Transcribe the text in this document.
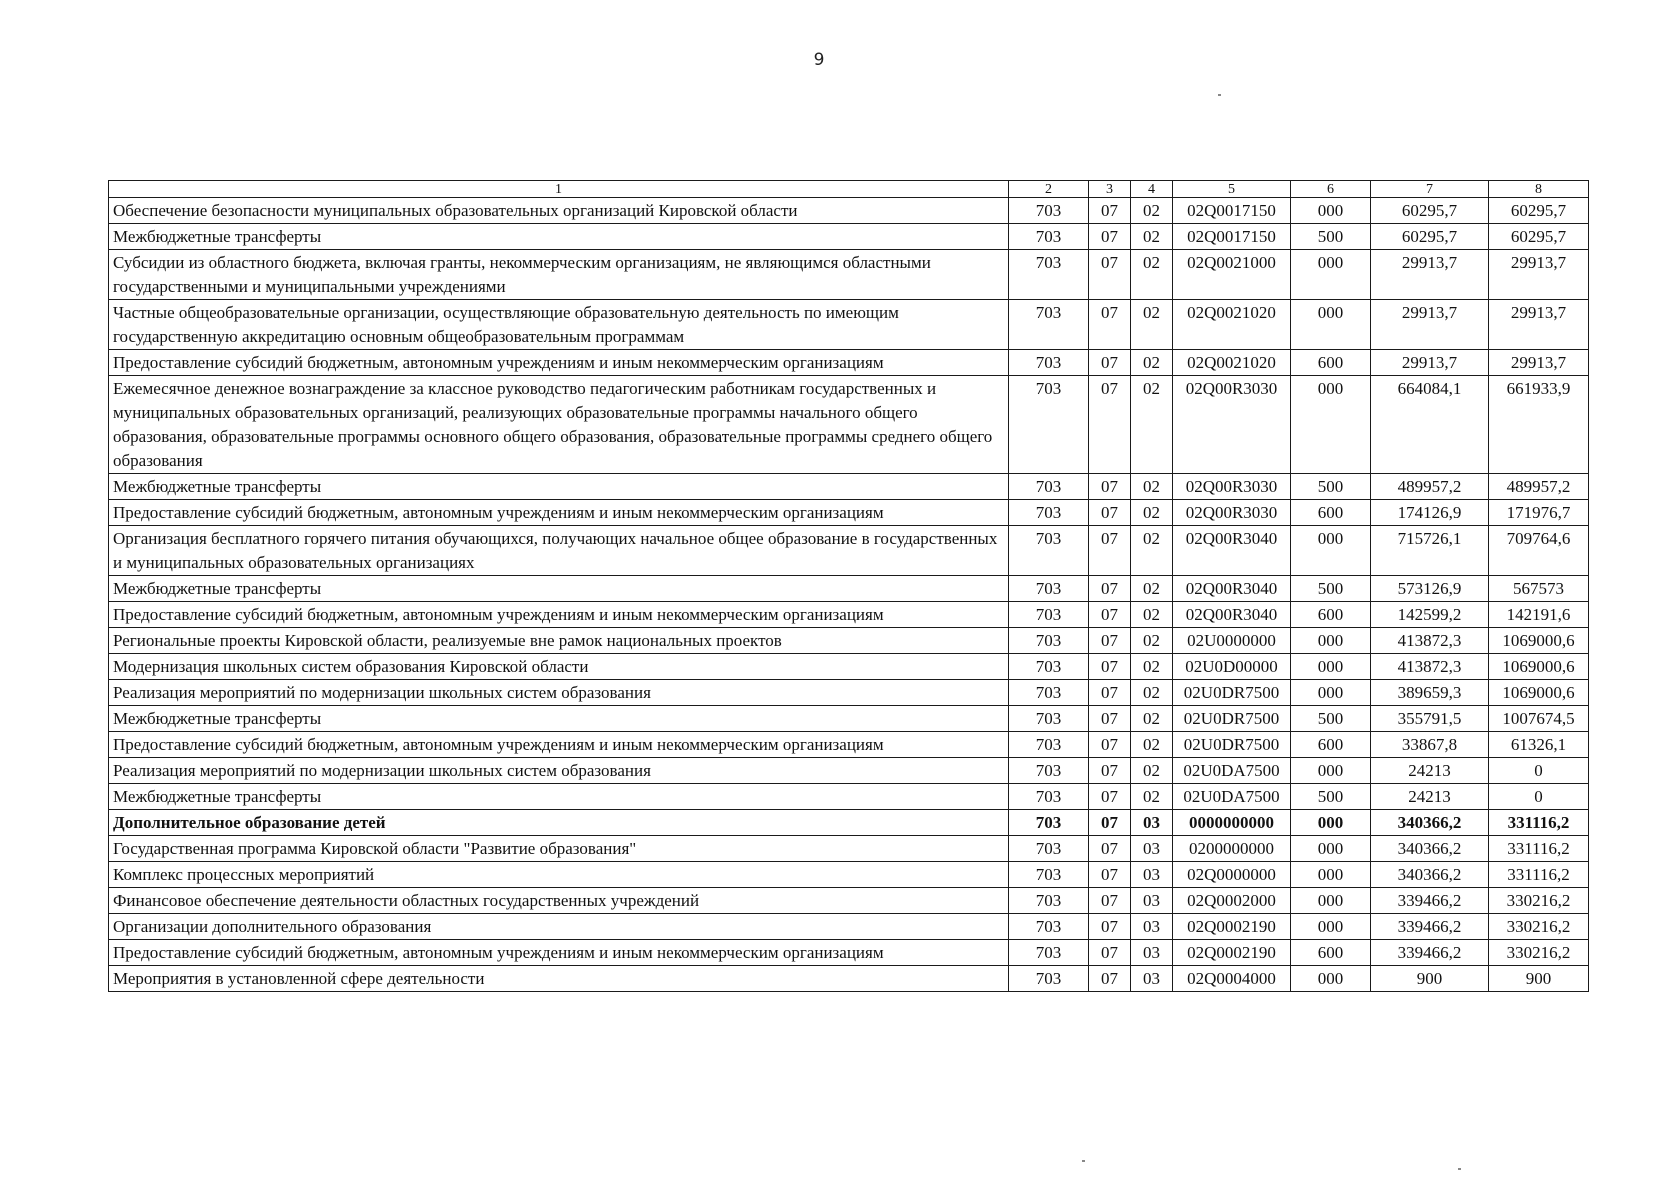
9
1	2	3	4	5	6	7	8
Обеспечение безопасности муниципальных образовательных организаций Кировской области	703	07	02	02Q0017150	000	60295,7	60295,7
Межбюджетные трансферты	703	07	02	02Q0017150	500	60295,7	60295,7
Субсидии из областного бюджета, включая гранты, некоммерческим организациям, не являющимся областными государственными и муниципальными учреждениями	703	07	02	02Q0021000	000	29913,7	29913,7
Частные общеобразовательные организации, осуществляющие образовательную деятельность по имеющим государственную аккредитацию основным общеобразовательным программам	703	07	02	02Q0021020	000	29913,7	29913,7
Предоставление субсидий бюджетным, автономным учреждениям и иным некоммерческим организациям	703	07	02	02Q0021020	600	29913,7	29913,7
Ежемесячное денежное вознаграждение за классное руководство педагогическим работникам государственных и муниципальных образовательных организаций, реализующих образовательные программы начального общего образования, образовательные программы основного общего образования, образовательные программы среднего общего образования	703	07	02	02Q00R3030	000	664084,1	661933,9
Межбюджетные трансферты	703	07	02	02Q00R3030	500	489957,2	489957,2
Предоставление субсидий бюджетным, автономным учреждениям и иным некоммерческим организациям	703	07	02	02Q00R3030	600	174126,9	171976,7
Организация бесплатного горячего питания обучающихся, получающих начальное общее образование в государственных и муниципальных образовательных организациях	703	07	02	02Q00R3040	000	715726,1	709764,6
Межбюджетные трансферты	703	07	02	02Q00R3040	500	573126,9	567573
Предоставление субсидий бюджетным, автономным учреждениям и иным некоммерческим организациям	703	07	02	02Q00R3040	600	142599,2	142191,6
Региональные проекты Кировской области, реализуемые вне рамок национальных проектов	703	07	02	02U0000000	000	413872,3	1069000,6
Модернизация школьных систем образования Кировской области	703	07	02	02U0D00000	000	413872,3	1069000,6
Реализация мероприятий по модернизации школьных систем образования	703	07	02	02U0DR7500	000	389659,3	1069000,6
Межбюджетные трансферты	703	07	02	02U0DR7500	500	355791,5	1007674,5
Предоставление субсидий бюджетным, автономным учреждениям и иным некоммерческим организациям	703	07	02	02U0DR7500	600	33867,8	61326,1
Реализация мероприятий по модернизации школьных систем образования	703	07	02	02U0DA7500	000	24213	0
Межбюджетные трансферты	703	07	02	02U0DA7500	500	24213	0
Дополнительное образование детей	703	07	03	0000000000	000	340366,2	331116,2
Государственная программа Кировской области "Развитие образования"	703	07	03	0200000000	000	340366,2	331116,2
Комплекс процессных мероприятий	703	07	03	02Q0000000	000	340366,2	331116,2
Финансовое обеспечение деятельности областных государственных учреждений	703	07	03	02Q0002000	000	339466,2	330216,2
Организации дополнительного образования	703	07	03	02Q0002190	000	339466,2	330216,2
Предоставление субсидий бюджетным, автономным учреждениям и иным некоммерческим организациям	703	07	03	02Q0002190	600	339466,2	330216,2
Мероприятия в установленной сфере деятельности	703	07	03	02Q0004000	000	900	900
